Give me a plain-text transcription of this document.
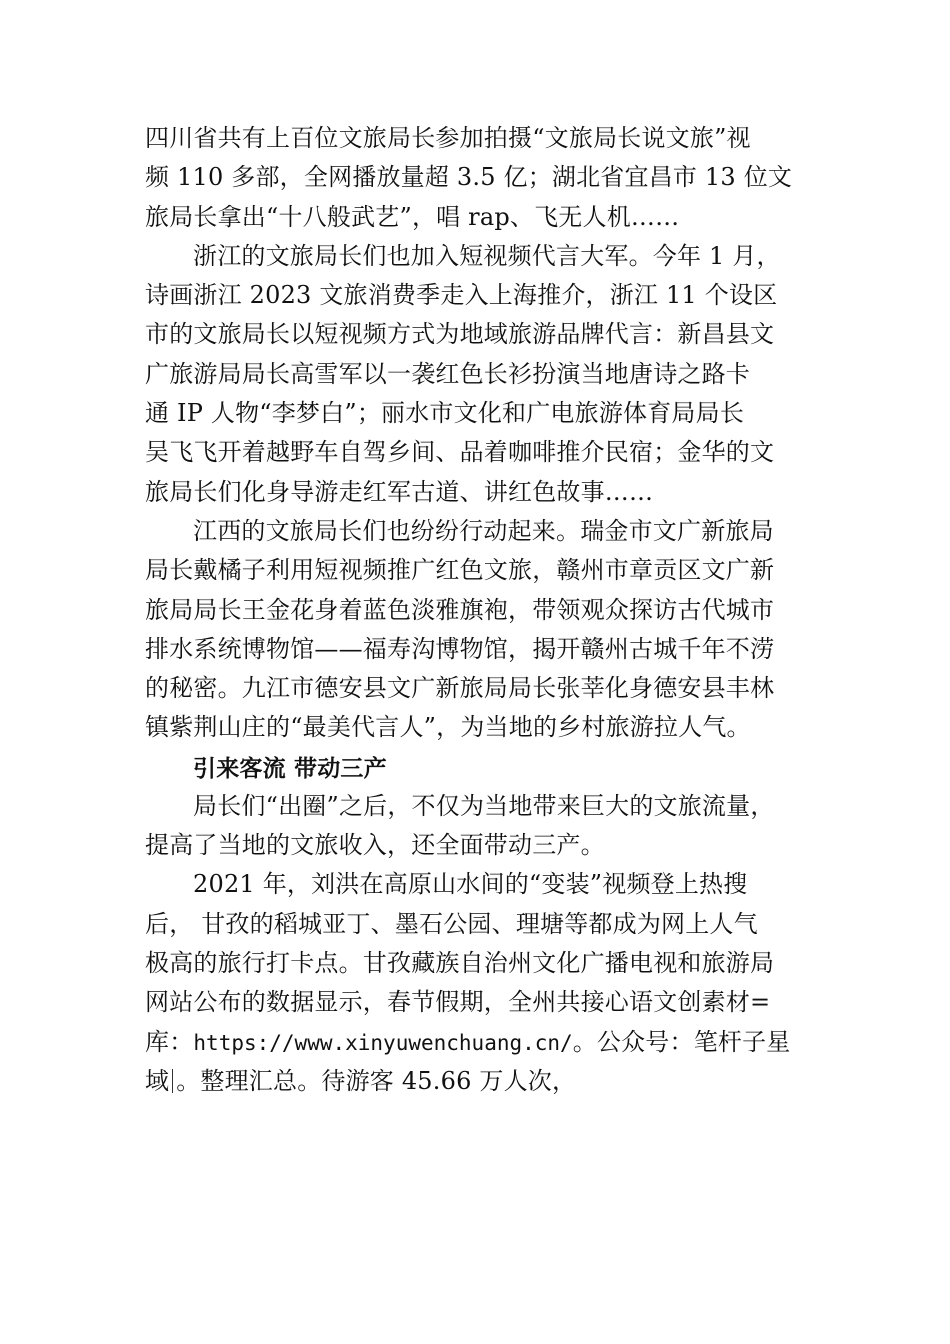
四川省共有上百位文旅局长参加拍摄“文旅局长说文旅”视
频 110 多部，全网播放量超 3.5 亿；湖北省宜昌市 13 位文
旅局长拿出“十八般武艺”，唱 rap、飞无人机……
浙江的文旅局长们也加入短视频代言大军。今年 1 月，
诗画浙江 2023 文旅消费季走入上海推介，浙江 11 个设区
市的文旅局长以短视频方式为地域旅游品牌代言：新昌县文
广旅游局局长高雪军以一袭红色长衫扮演当地唐诗之路卡
通 IP 人物“李梦白”；丽水市文化和广电旅游体育局局长
吴飞飞开着越野车自驾乡间、品着咖啡推介民宿；金华的文
旅局长们化身导游走红军古道、讲红色故事……
江西的文旅局长们也纷纷行动起来。瑞金市文广新旅局
局长戴橘子利用短视频推广红色文旅，赣州市章贡区文广新
旅局局长王金花身着蓝色淡雅旗袍，带领观众探访古代城市
排水系统博物馆——福寿沟博物馆，揭开赣州古城千年不涝
的秘密。九江市德安县文广新旅局局长张莘化身德安县丰林
镇紫荆山庄的“最美代言人”，为当地的乡村旅游拉人气。
引来客流 带动三产
局长们“出圈”之后，不仅为当地带来巨大的文旅流量，
提高了当地的文旅收入，还全面带动三产。
2021 年，刘洪在高原山水间的“变装”视频登上热搜
后， 甘孜的稻城亚丁、墨石公园、理塘等都成为网上人气
极高的旅行打卡点。甘孜藏族自治州文化广播电视和旅游局
网站公布的数据显示，春节假期，全州共接心语文创素材=
库：https://www.xinyuwenchuang.cn/。公众号：笔杆子星
域 。整理汇总。待游客 45.66 万人次，
